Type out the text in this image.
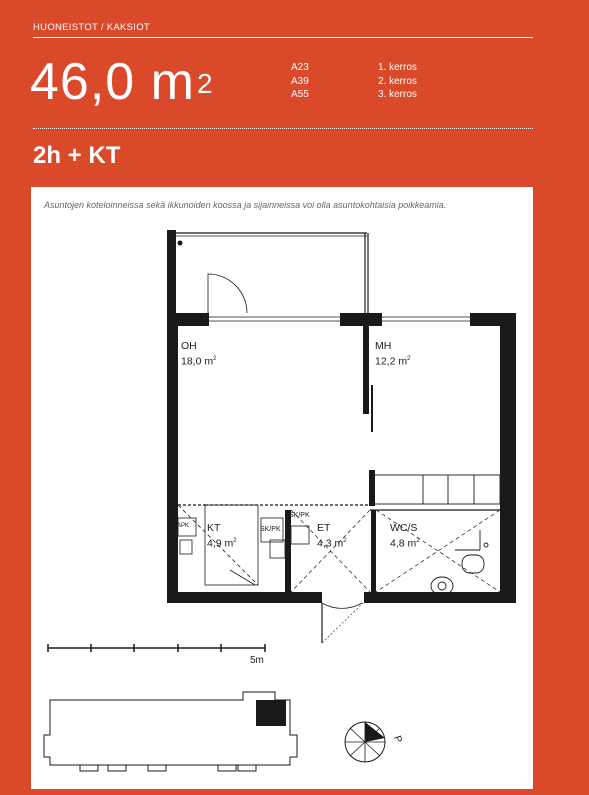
HUONEISTOT / KAKSIOT
46,0 $m^2$
A23
A39
A55
1. kerros
2. kerros
3. kerros
2h + KT
Asuntojen koteloinneissa sekä ikkunoiden koossa ja sijainneissa voi olla asuntokohtaisia poikkeamia.
P
APK	SK/PK
SK/PK
OH
18,0 $m^2$
MH
12,2 $m^2$
KT
4,9 $m^2$
ET
4,3 $m^2$
WC/S
4,8 $m^2$
5m
